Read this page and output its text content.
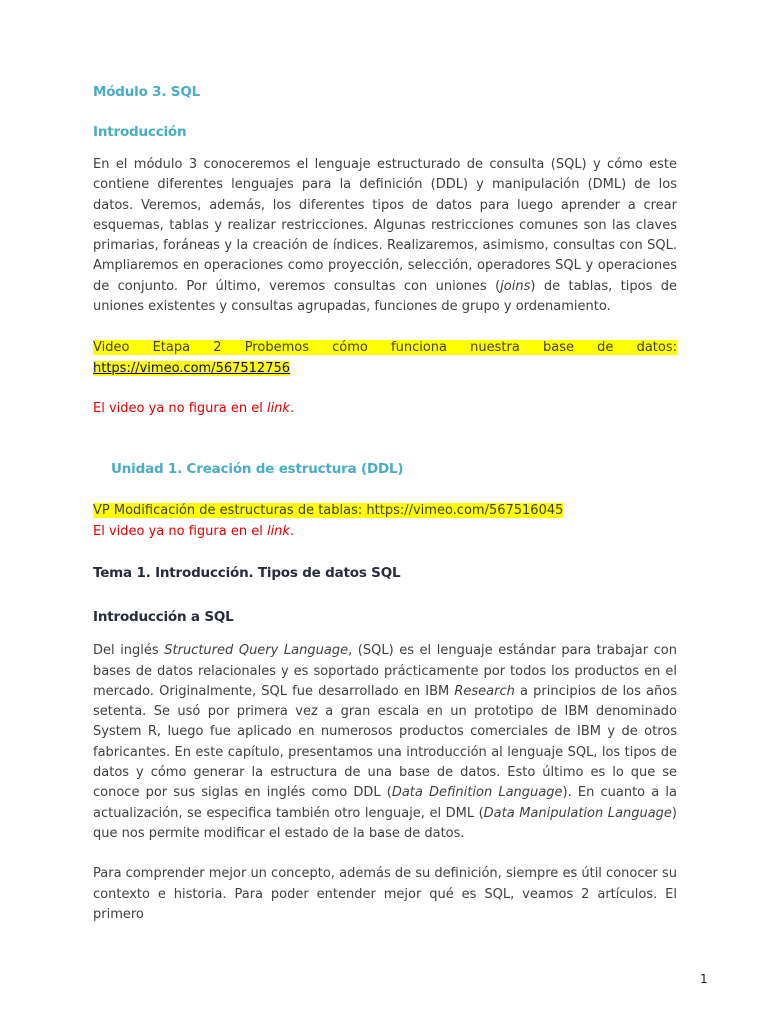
Módulo 3. SQL

Introducción

En el módulo 3 conoceremos el lenguaje estructurado de consulta (SQL) y cómo este contiene diferentes lenguajes para la definición (DDL) y manipulación (DML) de los datos. Veremos, además, los diferentes tipos de datos para luego aprender a crear esquemas, tablas y realizar restricciones. Algunas restricciones comunes son las claves primarias, foráneas y la creación de índices. Realizaremos, asimismo, consultas con SQL. Ampliaremos en operaciones como proyección, selección, operadores SQL y operaciones de conjunto. Por último, veremos consultas con uniones (joins) de tablas, tipos de uniones existentes y consultas agrupadas, funciones de grupo y ordenamiento.

Video Etapa 2 Probemos cómo funciona nuestra base de datos:

https://vimeo.com/567512756

El video ya no figura en el link.

Unidad 1. Creación de estructura (DDL)

VP Modificación de estructuras de tablas: https://vimeo.com/567516045

El video ya no figura en el link.

Tema 1. Introducción. Tipos de datos SQL

Introducción a SQL

Del inglés Structured Query Language, (SQL) es el lenguaje estándar para trabajar con bases de datos relacionales y es soportado prácticamente por todos los productos en el mercado. Originalmente, SQL fue desarrollado en IBM Research a principios de los años setenta. Se usó por primera vez a gran escala en un prototipo de IBM denominado System R, luego fue aplicado en numerosos productos comerciales de IBM y de otros fabricantes. En este capítulo, presentamos una introducción al lenguaje SQL, los tipos de datos y cómo generar la estructura de una base de datos. Esto último es lo que se conoce por sus siglas en inglés como DDL (Data Definition Language). En cuanto a la actualización, se especifica también otro lenguaje, el DML (Data Manipulation Language) que nos permite modificar el estado de la base de datos.

Para comprender mejor un concepto, además de su definición, siempre es útil conocer su contexto e historia. Para poder entender mejor qué es SQL, veamos 2 artículos. El primero

1
